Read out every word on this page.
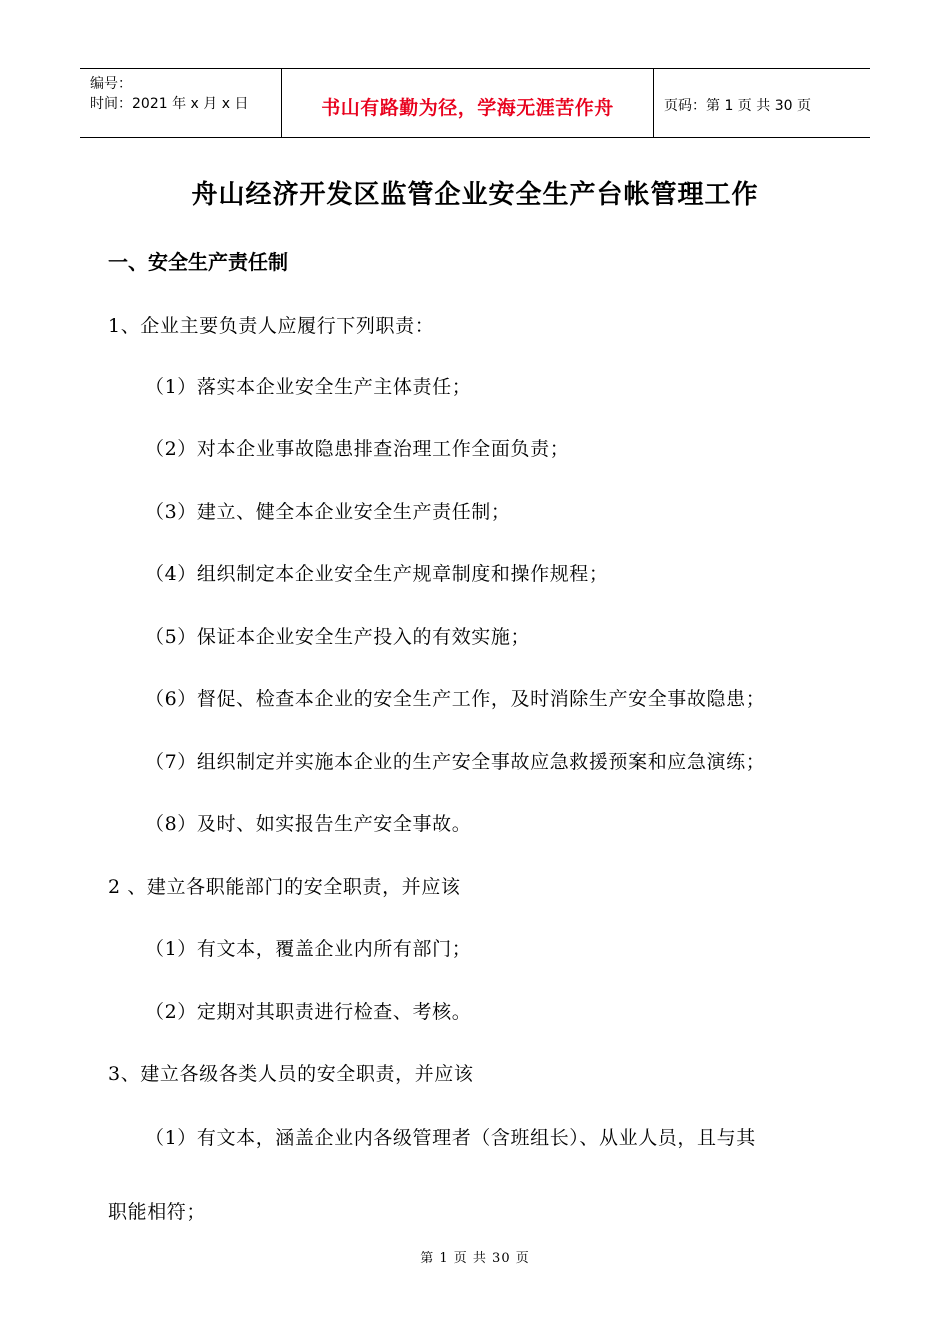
编号：
时间：2021 年 x 月 x 日	书山有路勤为径，学海无涯苦作舟	页码：第 1 页 共 30 页
舟山经济开发区监管企业安全生产台帐管理工作
一、安全生产责任制
1、企业主要负责人应履行下列职责：
（1）落实本企业安全生产主体责任；
（2）对本企业事故隐患排查治理工作全面负责；
（3）建立、健全本企业安全生产责任制；
（4）组织制定本企业安全生产规章制度和操作规程；
（5）保证本企业安全生产投入的有效实施；
（6）督促、检查本企业的安全生产工作，及时消除生产安全事故隐患；
（7）组织制定并实施本企业的生产安全事故应急救援预案和应急演练；
（8）及时、如实报告生产安全事故。
2 、建立各职能部门的安全职责，并应该
（1）有文本，覆盖企业内所有部门；
（2）定期对其职责进行检查、考核。
3、建立各级各类人员的安全职责，并应该
（1）有文本，涵盖企业内各级管理者（含班组长）、从业人员，且与其
职能相符；
第 1 页 共 30 页
